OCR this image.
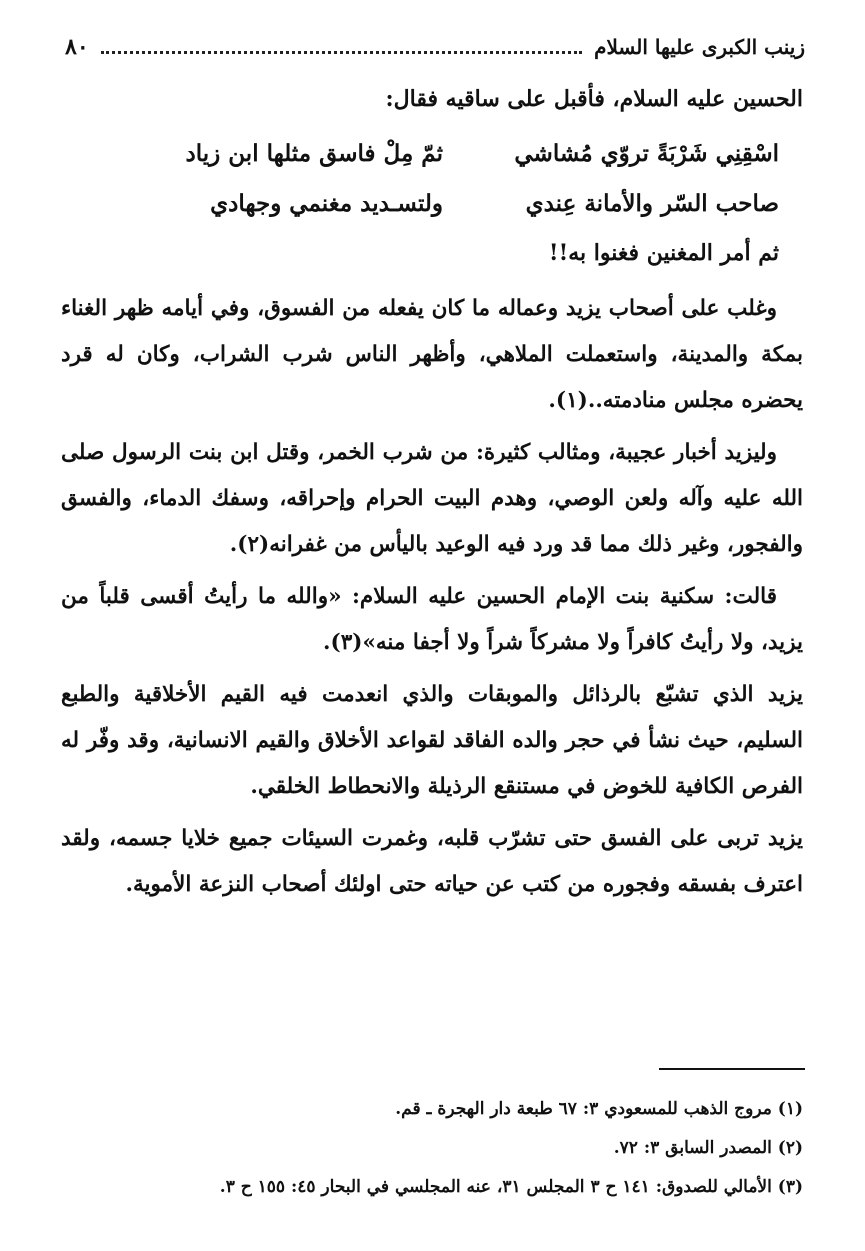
زينب الكبرى عليها السلام
٨٠
الحسين عليه السلام، فأقبل على ساقيه فقال:
اسْقِنِي شَرْبَةً تروّي مُشاشي
ثمّ مِلْ فاسق مثلها ابن زياد
صاحب السّر والأمانة عِندي
ولتسـديد مغنمي وجهادي
ثم أمر المغنين فغنوا به!!

وغلب على أصحاب يزيد وعماله ما كان يفعله من الفسوق، وفي أيامه ظهر الغناء بمكة والمدينة، واستعملت الملاهي، وأظهر الناس شرب الشراب، وكان له قرد يحضره مجلس منادمته..(١).

وليزيد أخبار عجيبة، ومثالب كثيرة: من شرب الخمر، وقتل ابن بنت الرسول صلى الله عليه وآله ولعن الوصي، وهدم البيت الحرام وإحراقه، وسفك الدماء، والفسق والفجور، وغير ذلك مما قد ورد فيه الوعيد باليأس من غفرانه(٢).

قالت: سكنية بنت الإمام الحسين عليه السلام: «والله ما رأيتُ أقسى قلباً من يزيد، ولا رأيتُ كافراً ولا مشركاً شراً ولا أجفا منه»(٣).

يزيد الذي تشبّع بالرذائل والموبقات والذي انعدمت فيه القيم الأخلاقية والطبع السليم، حيث نشأ في حجر والده الفاقد لقواعد الأخلاق والقيم الانسانية، وقد وفّر له الفرص الكافية للخوض في مستنقع الرذيلة والانحطاط الخلقي.

يزيد تربى على الفسق حتى تشرّب قلبه، وغمرت السيئات جميع خلايا جسمه، ولقد اعترف بفسقه وفجوره من كتب عن حياته حتى اولئك أصحاب النزعة الأموية.

(١) مروج الذهب للمسعودي ٣: ٦٧ طبعة دار الهجرة ـ قم.
(٢) المصدر السابق ٣: ٧٢.
(٣) الأمالي للصدوق: ١٤١ ح ٣ المجلس ٣١، عنه المجلسي في البحار ٤٥: ١٥٥ ح ٣.
